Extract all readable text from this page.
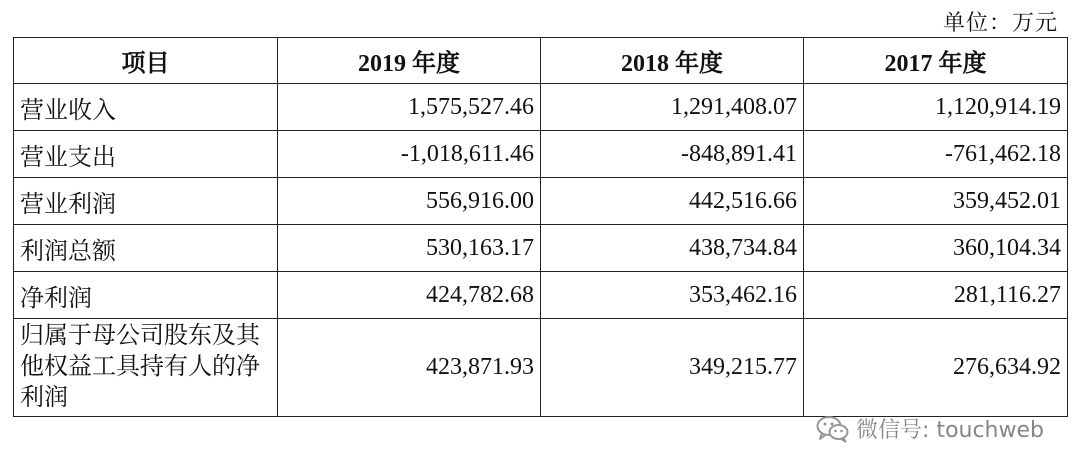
单位：万元
项目	2019 年度	2018 年度	2017 年度
营业收入	1,575,527.46	1,291,408.07	1,120,914.19
营业支出	-1,018,611.46	-848,891.41	-761,462.18
营业利润	556,916.00	442,516.66	359,452.01
利润总额	530,163.17	438,734.84	360,104.34
净利润	424,782.68	353,462.16	281,116.27
归属于母公司股东及其他权益工具持有人的净利润	423,871.93	349,215.77	276,634.92
微信号: touchweb
